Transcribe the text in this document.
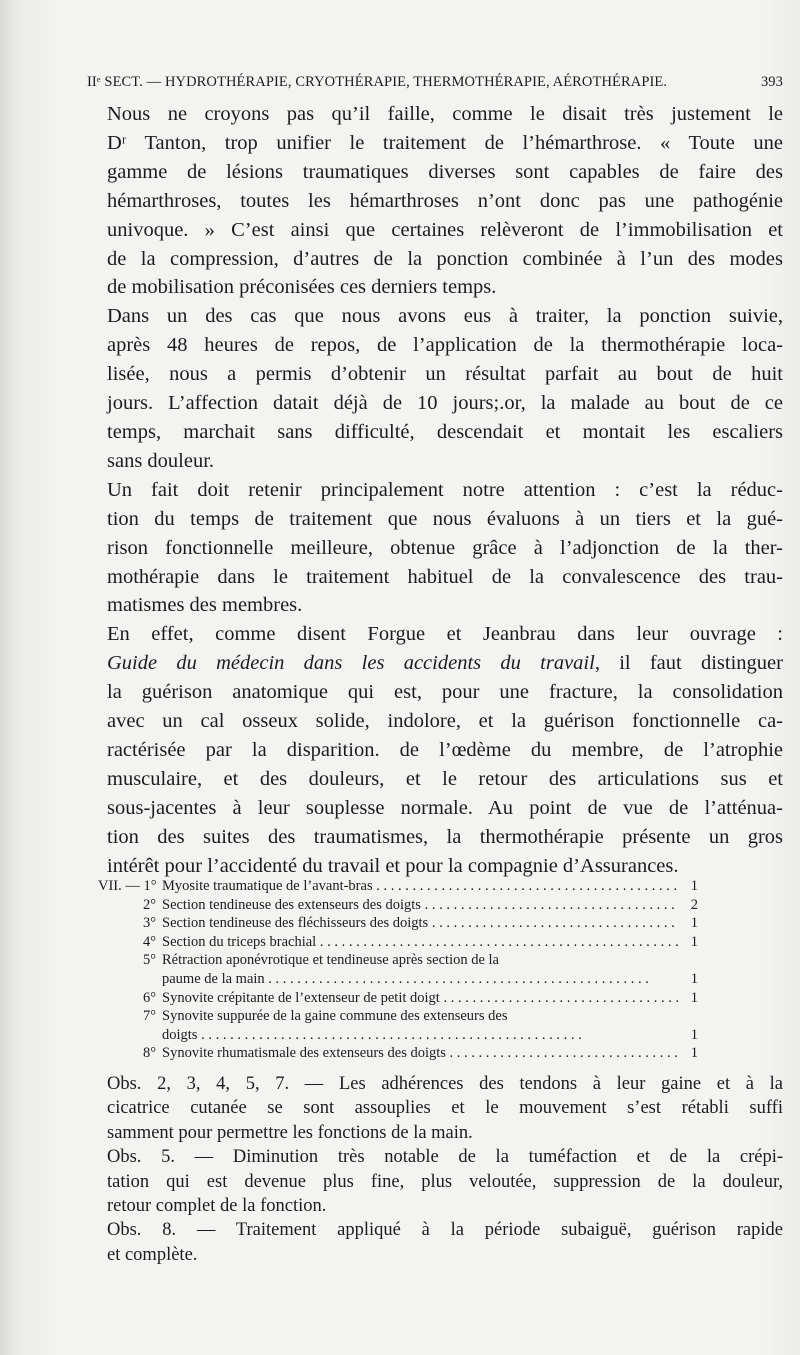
IIᵉ SECT. — HYDROTHÉRAPIE, CRYOTHÉRAPIE, THERMOTHÉRAPIE, AÉROTHÉRAPIE.	393

Nous ne croyons pas qu’il faille, comme le disait très justement le
Dʳ Tanton, trop unifier le traitement de l’hémarthrose. « Toute une
gamme de lésions traumatiques diverses sont capables de faire des
hémarthroses, toutes les hémarthroses n’ont donc pas une pathogénie
univoque. » C’est ainsi que certaines relèveront de l’immobilisation et
de la compression, d’autres de la ponction combinée à l’un des modes
de mobilisation préconisées ces derniers temps.

Dans un des cas que nous avons eus à traiter, la ponction suivie,
après 48 heures de repos, de l’application de la thermothérapie loca-
lisée, nous a permis d’obtenir un résultat parfait au bout de huit
jours. L’affection datait déjà de 10 jours;.or, la malade au bout de ce
temps, marchait sans difficulté, descendait et montait les escaliers
sans douleur.

Un fait doit retenir principalement notre attention : c’est la réduc-
tion du temps de traitement que nous évaluons à un tiers et la gué-
rison fonctionnelle meilleure, obtenue grâce à l’adjonction de la ther-
mothérapie dans le traitement habituel de la convalescence des trau-
matismes des membres.

En effet, comme disent Forgue et Jeanbrau dans leur ouvrage :
Guide du médecin dans les accidents du travail, il faut distinguer
la guérison anatomique qui est, pour une fracture, la consolidation
avec un cal osseux solide, indolore, et la guérison fonctionnelle ca-
ractérisée par la disparition. de l’œdème du membre, de l’atrophie
musculaire, et des douleurs, et le retour des articulations sus et
sous-jacentes à leur souplesse normale. Au point de vue de l’atténua-
tion des suites des traumatismes, la thermothérapie présente un gros
intérêt pour l’accidenté du travail et pour la compagnie d’Assurances.

VII. — 1° Myosite traumatique de l’avant-bras . . .	1
2° Section tendineuse des extenseurs des doigts . . .	2
3° Section tendineuse des fléchisseurs des doigts . . .	1
4° Section du triceps brachial . . .	1
5° Rétraction aponévrotique et tendineuse après section de la
paume de la main . . .	1
6° Synovite crépitante de l’extenseur de petit doigt . . .	1
7° Synovite suppurée de la gaine commune des extenseurs des
doigts . . .	1
8° Synovite rhumatismale des extenseurs des doigts . . .	1

Obs. 2, 3, 4, 5, 7. — Les adhérences des tendons à leur gaine et à la
cicatrice cutanée se sont assouplies et le mouvement s’est rétabli suffi
samment pour permettre les fonctions de la main.

Obs. 5. — Diminution très notable de la tuméfaction et de la crépi-
tation qui est devenue plus fine, plus veloutée, suppression de la douleur,
retour complet de la fonction.

Obs. 8. — Traitement appliqué à la période subaiguë, guérison rapide
et complète.
